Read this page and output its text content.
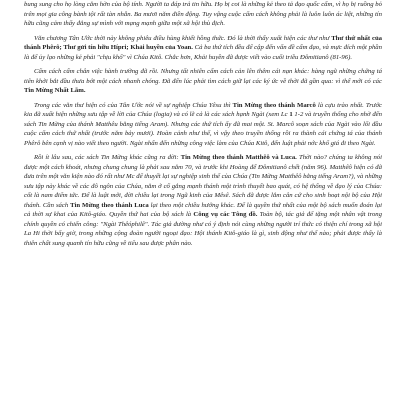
bung sung cho họ lòng căm hờn của bộ tính. Người ta đáp trả tin hữu. Họ bị coi là những kẻ theo tả đạo quốc cấm, vì họ bị ruồng bỏ trên mọi gia công bành tội rất tàn nhẫn. Ba mươi năm điền động. Tuy vậng cuộc cấm cách không phải là luôn luôn ác liệt, những tín hữu cũng cảm thấy đẳng sự mình với mạng mạnh giữa một xã hội thù địch.

Văn chương Tân Ước thời này không phiêu điều hùng khiết hồng thức. Đó là thời thấy xuất hiện các thư như Thư thứ nhất của thánh Phêrô; Thư gửi tín hữu Hípri; Khải huyền của Yoan. Cả ba thứ tích đều để cập đến vấn đề cấm đạo, và mực đích một phần là để ủy lạo những kẻ phải "chịu khổ" vì Chúa Kitô. Chắc hơn, Khải huyền đã được viết vào cuối triều Đômitianô (81-96).

Cấm cách cấm chân việc hành trường đã rồi. Nhưng tất nhiên cấm cách cản lên thêm cái nạn khác: hàng ngũ những chứng tá tiên khởi bắt đầu thưa bớt một cách nhanh chóng. Đã đến lúc phải tìm cách giữ lại các ký ức về thời đã gần qua: vì thế mới có các Tin Mừng Nhất Lãm.

Trong các văn thư hiện có của Tân Ước nói về sự nghiệp Chúa Yêsu thì Tin Mừng theo thánh Marcô là cựu trào nhất. Trước kia đã xuất hiện những sưu tập về lời của Chúa (logia) và có lẽ cả là các sách hạnh Ngài (xem Lc 1 1-2 và truyền thống cho nhờ đến sách Tin Mừng của thánh Matthêu bằng tiếng Aram). Nhưng các thứ tích ấy đã mai một. St. Marcô soạn sách của Ngài vào lối đầu cuộc cấm cách thứ nhất (trước năm bảy mươi). Hoàn cảnh như thế, vì vậy theo truyền thống rồi ra thành cái chứng tá của thánh Phêrô bên cạnh vị nào viết theo người. Ngài nhấn đến những công việc làm của Chúa Kitô, đến luật phải nớc khổ giá đi theo Ngài.

Rồi ít lâu sau, các sách Tin Mừng khác cũng ra đời: Tin Mừng theo thánh Matthêô và Luca. Thời nào? chúng ta không nói được một cách khoát, nhưng chung chung là phải sau năm 70, và trước khi Hoàng đế Đômitianô chết (năm 96). Matthêô hiện có đã đưa trên một văn kiện nào đó rất như Mc để thuyết lại sự nghiệp sinh thể của Chúa (Tin Mừng Matthêô bằng tiếng Aram?), và những sưu tập này khác về các đô ngôn của Chúa, nằm ở cố gắng mạnh thánh một trình thuyết bao quát, có hệ thống về đạo lý của Chúa: cốt là nam điểm tức. Để là luật mới, đời chiều lại trong Ngũ kinh của Mêsê. Sách đã được lắm cân cứ cho sinh hoạt nội bộ của Hội thánh. Cần sách Tin Mừng theo thánh Luca lại theo một chiều hướng khác. Để là quyền thứ nhất của một bộ sách muốn đoán lại cả thời sự khai của Kitô-giáo. Quyền thứ hai của bộ sách là Công vụ các Tông đồ. Toàn bộ, tác giả để tặng một nhân vật trong chính quyền có chiến công: "Ngài Thêóphilê". Tác giả đường như có ý định nói cùng những người trí thức có thiện chí trong xã hội La Hi thời bấy giờ, trong những cộng đoàn người ngoại đạo: Hội thánh Kitô-giáo là gì, sinh động như thế nào; phải được thấy là thiên chất sung quanh tín hữu cũng về tiểu sau được phân nào.
